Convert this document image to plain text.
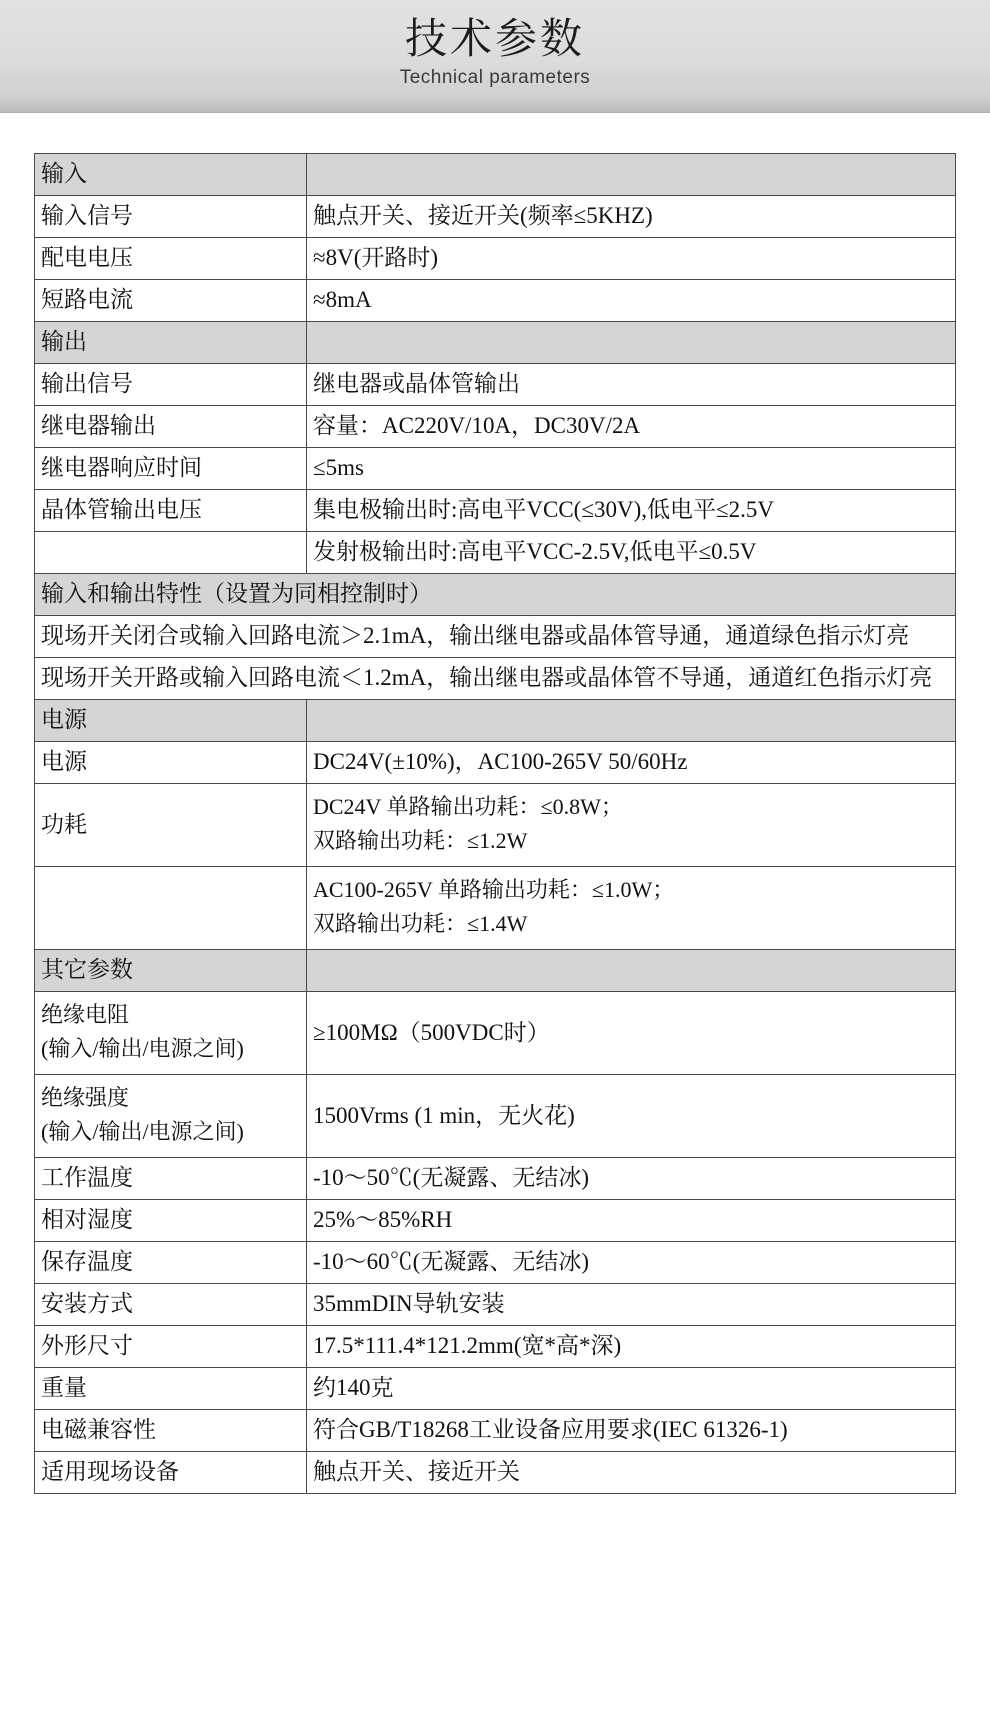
技术参数
Technical parameters
输入	
输入信号	触点开关、接近开关(频率≤5KHZ)
配电电压	≈8V(开路时)
短路电流	≈8mA
输出	
输出信号	继电器或晶体管输出
继电器输出	容量：AC220V/10A，DC30V/2A
继电器响应时间	≤5ms
晶体管输出电压	集电极输出时:高电平VCC(≤30V),低电平≤2.5V
	发射极输出时:高电平VCC-2.5V,低电平≤0.5V
输入和输出特性（设置为同相控制时）	
现场开关闭合或输入回路电流＞2.1mA，输出继电器或晶体管导通，通道绿色指示灯亮	
现场开关开路或输入回路电流＜1.2mA，输出继电器或晶体管不导通，通道红色指示灯亮	
电源	
电源	DC24V(±10%)，AC100-265V 50/60Hz
功耗	DC24V 单路输出功耗：≤0.8W；
双路输出功耗：≤1.2W

	AC100-265V 单路输出功耗：≤1.0W；
双路输出功耗：≤1.4W

其它参数	

绝缘电阻
(输入/输出/电源之间)	≥100MΩ（500VDC时）

绝缘强度
(输入/输出/电源之间)	1500Vrms (1 min，无火花)
工作温度	-10～50℃(无凝露、无结冰)
相对湿度	25%～85%RH
保存温度	-10～60℃(无凝露、无结冰)
安装方式	35mmDIN导轨安装
外形尺寸	17.5*111.4*121.2mm(宽*高*深)
重量	约140克
电磁兼容性	符合GB/T18268工业设备应用要求(IEC 61326-1)
适用现场设备	触点开关、接近开关
